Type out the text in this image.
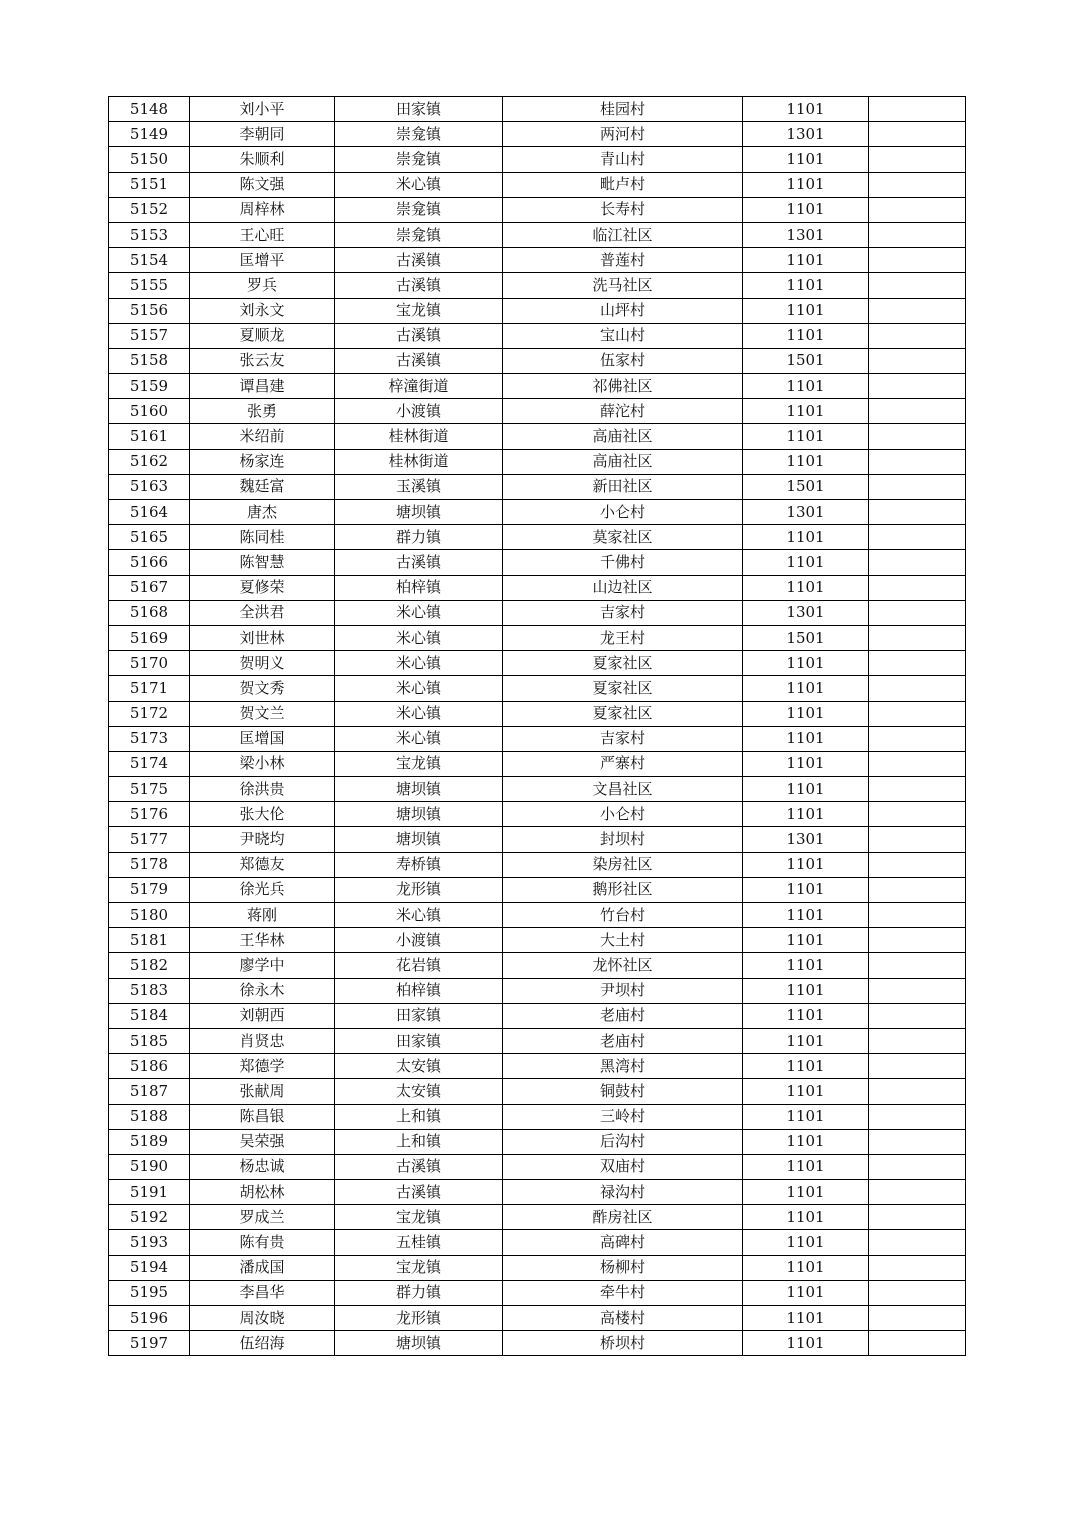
5148	刘小平	田家镇	桂园村	1101	
5149	李朝同	崇龛镇	两河村	1301	
5150	朱顺利	崇龛镇	青山村	1101	
5151	陈文强	米心镇	毗卢村	1101	
5152	周梓林	崇龛镇	长寿村	1101	
5153	王心旺	崇龛镇	临江社区	1301	
5154	匡增平	古溪镇	普莲村	1101	
5155	罗兵	古溪镇	洗马社区	1101	
5156	刘永文	宝龙镇	山坪村	1101	
5157	夏顺龙	古溪镇	宝山村	1101	
5158	张云友	古溪镇	伍家村	1501	
5159	谭昌建	梓潼街道	祁佛社区	1101	
5160	张勇	小渡镇	薛沱村	1101	
5161	米绍前	桂林街道	高庙社区	1101	
5162	杨家连	桂林街道	高庙社区	1101	
5163	魏廷富	玉溪镇	新田社区	1501	
5164	唐杰	塘坝镇	小仑村	1301	
5165	陈同桂	群力镇	莫家社区	1101	
5166	陈智慧	古溪镇	千佛村	1101	
5167	夏修荣	柏梓镇	山边社区	1101	
5168	全洪君	米心镇	吉家村	1301	
5169	刘世林	米心镇	龙王村	1501	
5170	贺明义	米心镇	夏家社区	1101	
5171	贺文秀	米心镇	夏家社区	1101	
5172	贺文兰	米心镇	夏家社区	1101	
5173	匡增国	米心镇	吉家村	1101	
5174	梁小林	宝龙镇	严寨村	1101	
5175	徐洪贵	塘坝镇	文昌社区	1101	
5176	张大伦	塘坝镇	小仑村	1101	
5177	尹晓均	塘坝镇	封坝村	1301	
5178	郑德友	寿桥镇	染房社区	1101	
5179	徐光兵	龙形镇	鹅形社区	1101	
5180	蒋刚	米心镇	竹台村	1101	
5181	王华林	小渡镇	大土村	1101	
5182	廖学中	花岩镇	龙怀社区	1101	
5183	徐永木	柏梓镇	尹坝村	1101	
5184	刘朝西	田家镇	老庙村	1101	
5185	肖贤忠	田家镇	老庙村	1101	
5186	郑德学	太安镇	黑湾村	1101	
5187	张献周	太安镇	铜鼓村	1101	
5188	陈昌银	上和镇	三岭村	1101	
5189	吴荣强	上和镇	后沟村	1101	
5190	杨忠诚	古溪镇	双庙村	1101	
5191	胡松林	古溪镇	禄沟村	1101	
5192	罗成兰	宝龙镇	酢房社区	1101	
5193	陈有贵	五桂镇	高碑村	1101	
5194	潘成国	宝龙镇	杨柳村	1101	
5195	李昌华	群力镇	牵牛村	1101	
5196	周汝晓	龙形镇	高楼村	1101	
5197	伍绍海	塘坝镇	桥坝村	1101	
